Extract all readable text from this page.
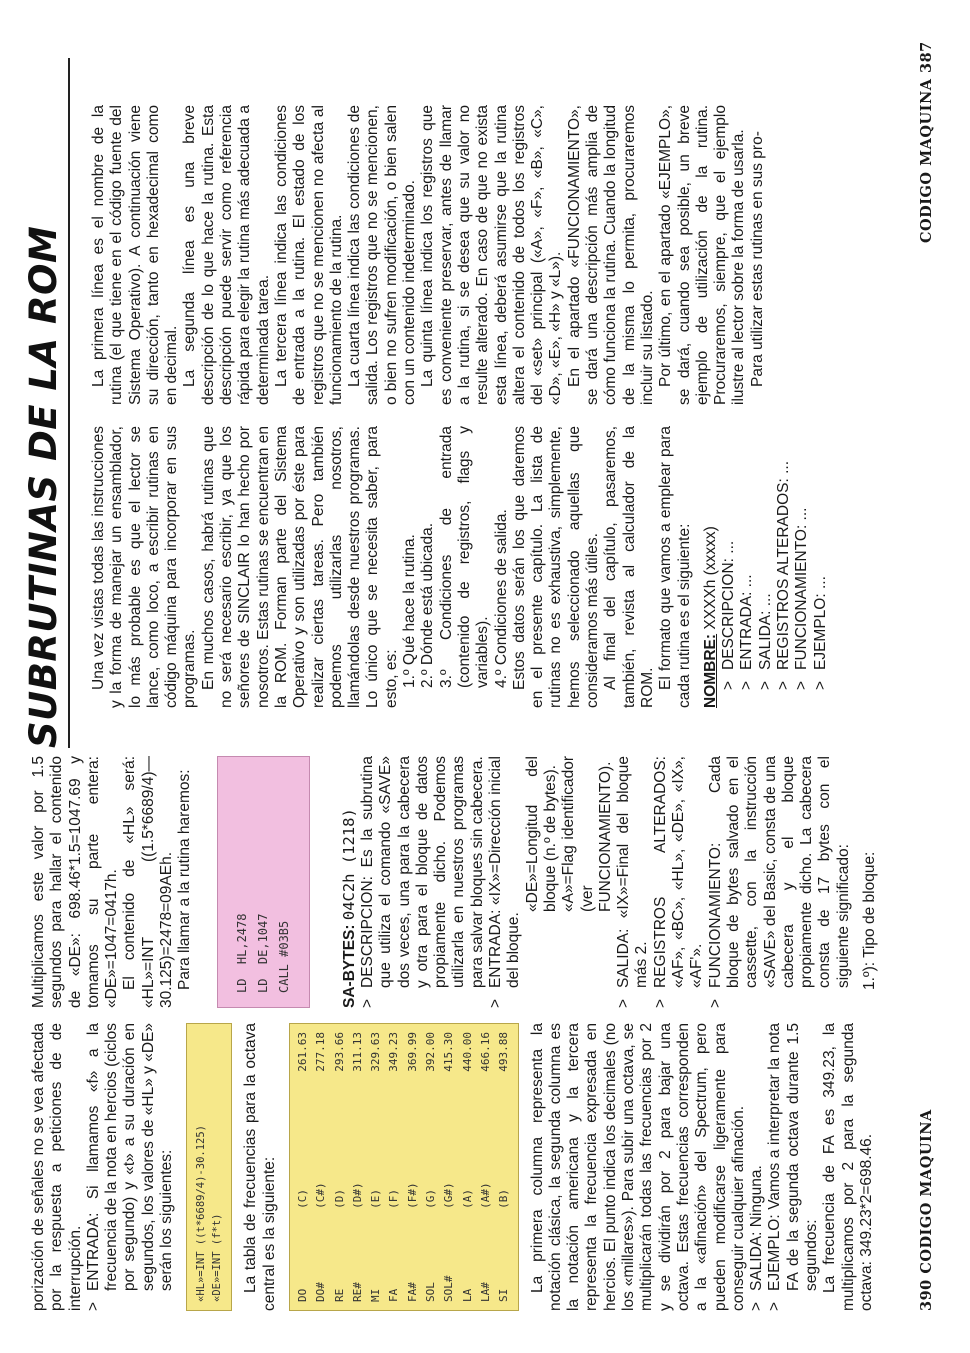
porización de señales no se vea afectada por la respuesta a peticiones de de interrupción. > ENTRADA: Si llamamos «f» a la frecuencia de la nota en hercios (ciclos por segundo) y «t» a su duración en segundos, los valores de «HL» y «DE» serán los siguientes: «HL»=INT ((t*6689/4)-30.125) «DE»=INT (f*t) La tabla de frecuencias para la octava central es la siguiente: DO	(C)	261.63
DO#	(C#)	277.18
RE	(D)	293.66
RE#	(D#)	311.13
MI	(E)	329.63
FA	(F)	349.23
FA#	(F#)	369.99
SOL	(G)	392.00
SOL#	(G#)	415.30
LA	(A)	440.00
LA#	(A#)	466.16
SI	(B)	493.88 La primera columna representa la notación clásica, la segunda columna es la notación americana y la tercera representa la frecuencia expresada en hercios. El punto indica los decimales (no los «millares»). Para subir una octava, se multiplicarán todas las frecuencias por 2 y se dividirán por 2 para bajar una octava. Estas frecuencias corresponden a la «afinación» del Spectrum, pero pueden modificarse ligeramente para conseguir cualquier afinación. > SALIDA: Ninguna. > EJEMPLO: Vamos a interpretar la nota FA de la segunda octava durante 1.5 segundos: La frecuencia de FA es 349.23, la multiplicamos por 2 para la segunda octava: 349.23*2=698.46.

Multiplicamos este valor por 1.5 segundos para hallar el contenido de «DE»: 698.46*1.5=1047.69 y tomamos su parte entera: «DE»=1047=0417h. El contenido de «HL» será: «HL»=INT ((1.5*6689/4)—30.125)=2478=09AEh. Para llamar a la rutina haremos:	LD  HL,2478
LD  DE,1047
CALL #03B5	SA-BYTES: 04C2h (1218) > DESCRIPCION: Es la subrutina que utiliza el comando «SAVE» dos veces, una para la cabecera y otra para el bloque de datos propiamente dicho. Podemos utilizarla en nuestros programas para salvar bloques sin cabecera. > ENTRADA: «IX»=Dirección inicial del bloque.

«DE»=Longitud del bloque (n.º de bytes). «A»=Flag identificador (ver FUNCIONAMIENTO). > SALIDA: «IX»=Final del bloque más 2. > REGISTROS ALTERADOS: «AF», «BC», «HL», «DE», «IX», «AF'». > FUNCIONAMIENTO: Cada bloque de bytes salvado en el cassette, con la instrucción «SAVE» del Basic, consta de una cabecera y el bloque propiamente dicho. La cabecera consta de 17 bytes con el siguiente significado: 1.º): Tipo de bloque:

390 CODIGO MAQUINA
SUBRUTINAS DE LA ROM Una vez vistas todas las instrucciones y la forma de manejar un ensamblador, lo más probable es que el lector se lance, como loco, a escribir rutinas en código máquina para incorporar en sus programas. En muchos casos, habrá rutinas que no será necesario escribir, ya que los señores de SINCLAIR lo han hecho por nosotros. Estas rutinas se encuentran en la ROM. Forman parte del Sistema Operativo y son utilizadas por éste para realizar ciertas tareas. Pero también podemos utilizarlas nosotros, llamándolas desde nuestros programas. Lo único que se necesita saber, para esto, es: 1.º Qué hace la rutina. 2.º Dónde está ubicada. 3.º Condiciones de entrada (contenido de registros, flags y variables). 4.º Condiciones de salida. Estos datos serán los que daremos en el presente capítulo. La lista de rutinas no es exhaustiva, simplemente, hemos seleccionado aquellas que consideramos más útiles. Al final del capítulo, pasaremos, también, revista al calculador de la ROM. El formato que vamos a emplear para cada rutina es el siguiente: NOMBRE: XXXXh (xxxxx) > DESCRIPCION: ... > ENTRADA: ... > SALIDA: ... > REGISTROS ALTERADOS: ... > FUNCIONAMIENTO: ... > EJEMPLO: ...

La primera línea es el nombre de la rutina (el que tiene en el código fuente del Sistema Operativo). A continuación viene su dirección, tanto en hexadecimal como en decimal. La segunda línea es una breve descripción de lo que hace la rutina. Esta descripción puede servir como referencia rápida para elegir la rutina más adecuada a determinada tarea. La tercera línea indica las condiciones de entrada a la rutina. El estado de los registros que no se mencionen no afecta al funcionamiento de la rutina. La cuarta línea indica las condiciones de salida. Los registros que no se mencionen, o bien no sufren modificación, o bien salen con un contenido indeterminado. La quinta línea indica los registros que es conveniente preservar, antes de llamar a la rutina, si se desea que su valor no resulte alterado. En caso de que no exista esta línea, deberá asumirse que la rutina altera el contenido de todos los registros del «set» principal («A», «F», «B», «C», «D», «E», «H» y «L»). En el apartado «FUNCIONAMIENTO», se dará una descripción más amplia de cómo funciona la rutina. Cuando la longitud de la misma lo permita, procuraremos incluir su listado. Por último, en el apartado «EJEMPLO», se dará, cuando sea posible, un breve ejemplo de utilización de la rutina. Procuraremos, siempre, que el ejemplo ilustre al lector sobre la forma de usarla. Para utilizar estas rutinas en sus pro-	CODIGO MAQUINA 387
